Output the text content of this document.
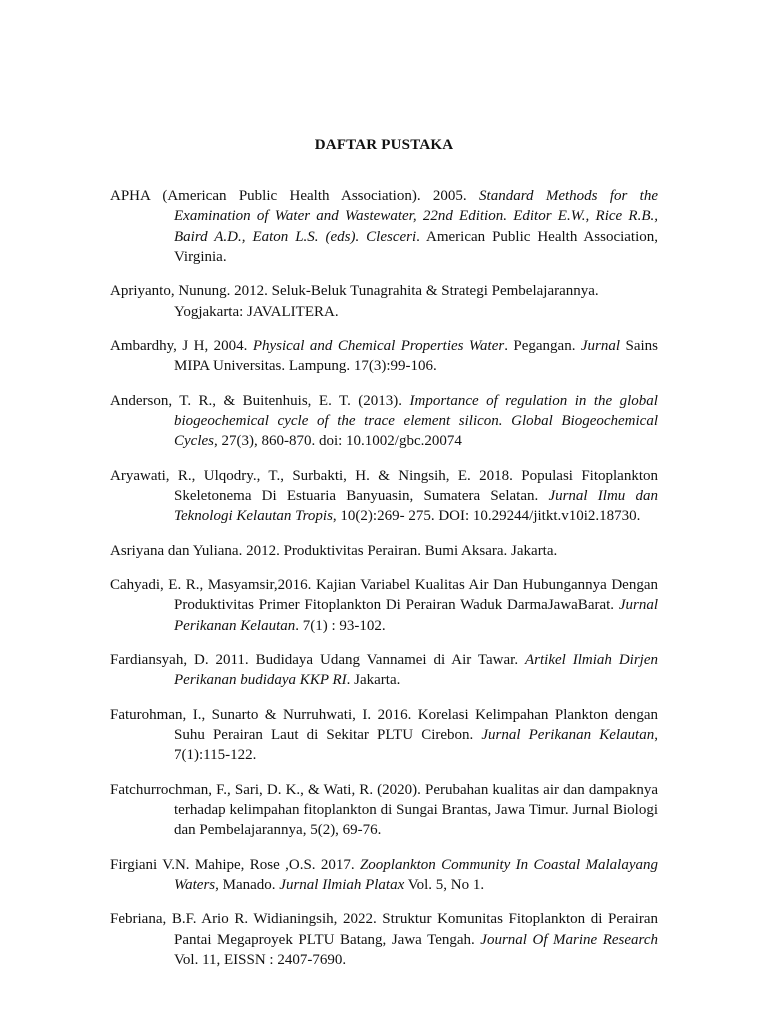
DAFTAR PUSTAKA

APHA (American Public Health Association). 2005. Standard Methods for the Examination of Water and Wastewater, 22nd Edition. Editor E.W., Rice R.B., Baird A.D., Eaton L.S. (eds). Clesceri. American Public Health Association, Virginia.

Apriyanto, Nunung. 2012. Seluk-Beluk Tunagrahita & Strategi Pembelajarannya. Yogjakarta: JAVALITERA.

Ambardhy, J H, 2004. Physical and Chemical Properties Water. Pegangan. Jurnal Sains MIPA Universitas. Lampung. 17(3):99-106.

Anderson, T. R., & Buitenhuis, E. T. (2013). Importance of regulation in the global biogeochemical cycle of the trace element silicon. Global Biogeochemical Cycles, 27(3), 860-870. doi: 10.1002/gbc.20074

Aryawati, R., Ulqodry., T., Surbakti, H. & Ningsih, E. 2018. Populasi Fitoplankton Skeletonema Di Estuaria Banyuasin, Sumatera Selatan. Jurnal Ilmu dan Teknologi Kelautan Tropis, 10(2):269- 275. DOI: 10.29244/jitkt.v10i2.18730.

Asriyana dan Yuliana. 2012. Produktivitas Perairan. Bumi Aksara. Jakarta.

Cahyadi, E. R., Masyamsir,2016. Kajian Variabel Kualitas Air Dan Hubungannya Dengan Produktivitas Primer Fitoplankton Di Perairan Waduk DarmaJawaBarat. Jurnal Perikanan Kelautan. 7(1) : 93-102.

Fardiansyah, D. 2011. Budidaya Udang Vannamei di Air Tawar. Artikel Ilmiah Dirjen Perikanan budidaya KKP RI. Jakarta.

Faturohman, I., Sunarto & Nurruhwati, I. 2016. Korelasi Kelimpahan Plankton dengan Suhu Perairan Laut di Sekitar PLTU Cirebon. Jurnal Perikanan Kelautan, 7(1):115-122.

Fatchurrochman, F., Sari, D. K., & Wati, R. (2020). Perubahan kualitas air dan dampaknya terhadap kelimpahan fitoplankton di Sungai Brantas, Jawa Timur. Jurnal Biologi dan Pembelajarannya, 5(2), 69-76.

Firgiani V.N. Mahipe, Rose ,O.S. 2017. Zooplankton Community In Coastal Malalayang Waters, Manado. Jurnal Ilmiah Platax Vol. 5, No 1.

Febriana, B.F. Ario R. Widianingsih, 2022. Struktur Komunitas Fitoplankton di Perairan Pantai Megaproyek PLTU Batang, Jawa Tengah. Journal Of Marine Research Vol. 11, EISSN : 2407-7690.
